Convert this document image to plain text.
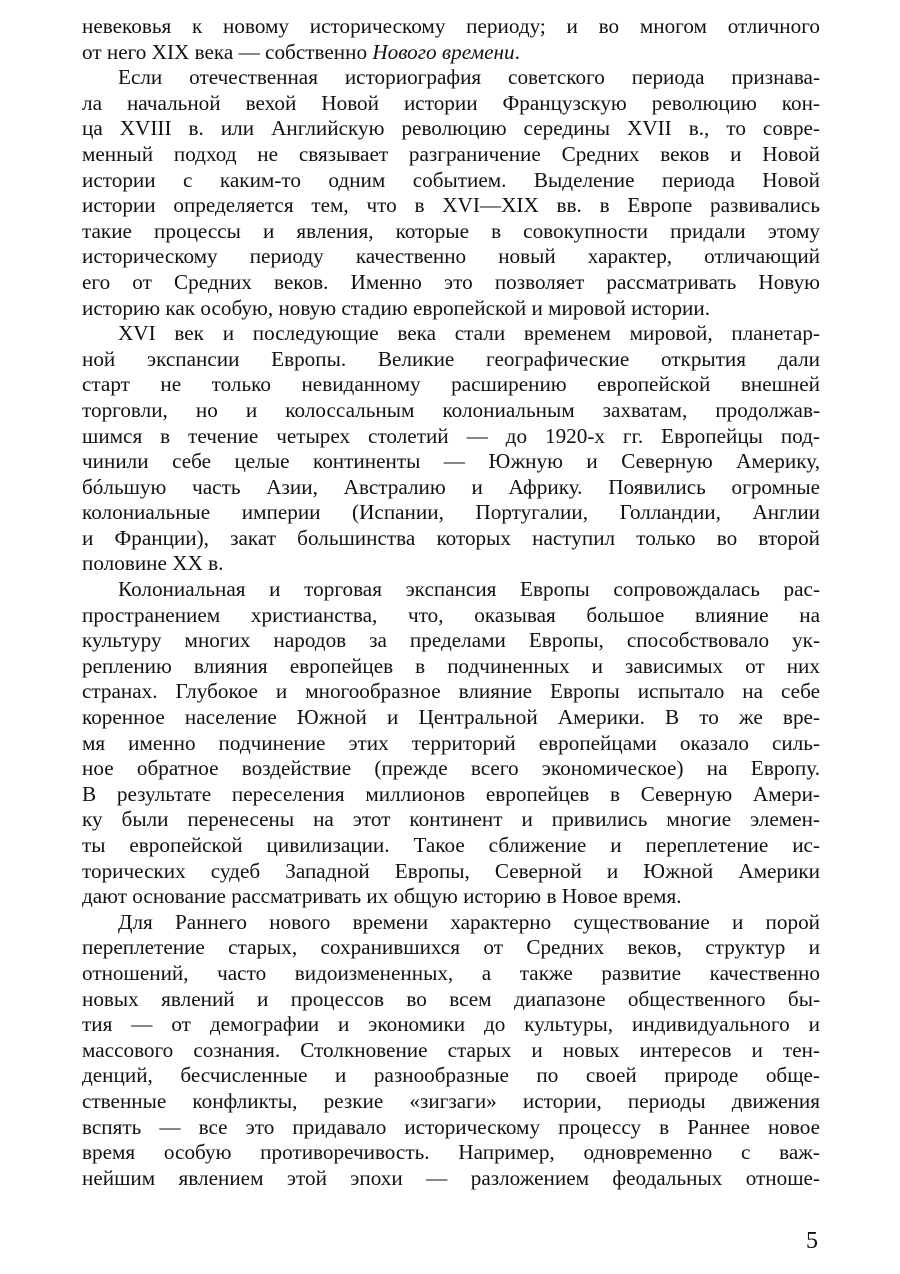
невековья к новому историческому периоду; и во многом отличного
от него XIX века — собственно Нового времени.
Если отечественная историография советского периода признава-
ла начальной вехой Новой истории Французскую революцию кон-
ца XVIII в. или Английскую революцию середины XVII в., то совре-
менный подход не связывает разграничение Средних веков и Новой
истории с каким-то одним событием. Выделение периода Новой
истории определяется тем, что в XVI—XIX вв. в Европе развивались
такие процессы и явления, которые в совокупности придали этому
историческому периоду качественно новый характер, отличающий
его от Средних веков. Именно это позволяет рассматривать Новую
историю как особую, новую стадию европейской и мировой истории.
XVI век и последующие века стали временем мировой, планетар-
ной экспансии Европы. Великие географические открытия дали
старт не только невиданному расширению европейской внешней
торговли, но и колоссальным колониальным захватам, продолжав-
шимся в течение четырех столетий — до 1920-х гг. Европейцы под-
чинили себе целые континенты — Южную и Северную Америку,
бóльшую часть Азии, Австралию и Африку. Появились огромные
колониальные империи (Испании, Португалии, Голландии, Англии
и Франции), закат большинства которых наступил только во второй
половине XX в.
Колониальная и торговая экспансия Европы сопровождалась рас-
пространением христианства, что, оказывая большое влияние на
культуру многих народов за пределами Европы, способствовало ук-
реплению влияния европейцев в подчиненных и зависимых от них
странах. Глубокое и многообразное влияние Европы испытало на себе
коренное население Южной и Центральной Америки. В то же вре-
мя именно подчинение этих территорий европейцами оказало силь-
ное обратное воздействие (прежде всего экономическое) на Европу.
В результате переселения миллионов европейцев в Северную Амери-
ку были перенесены на этот континент и привились многие элемен-
ты европейской цивилизации. Такое сближение и переплетение ис-
торических судеб Западной Европы, Северной и Южной Америки
дают основание рассматривать их общую историю в Новое время.
Для Раннего нового времени характерно существование и порой
переплетение старых, сохранившихся от Средних веков, структур и
отношений, часто видоизмененных, а также развитие качественно
новых явлений и процессов во всем диапазоне общественного бы-
тия — от демографии и экономики до культуры, индивидуального и
массового сознания. Столкновение старых и новых интересов и тен-
денций, бесчисленные и разнообразные по своей природе обще-
ственные конфликты, резкие «зигзаги» истории, периоды движения
вспять — все это придавало историческому процессу в Раннее новое
время особую противоречивость. Например, одновременно с важ-
нейшим явлением этой эпохи — разложением феодальных отноше-
5
